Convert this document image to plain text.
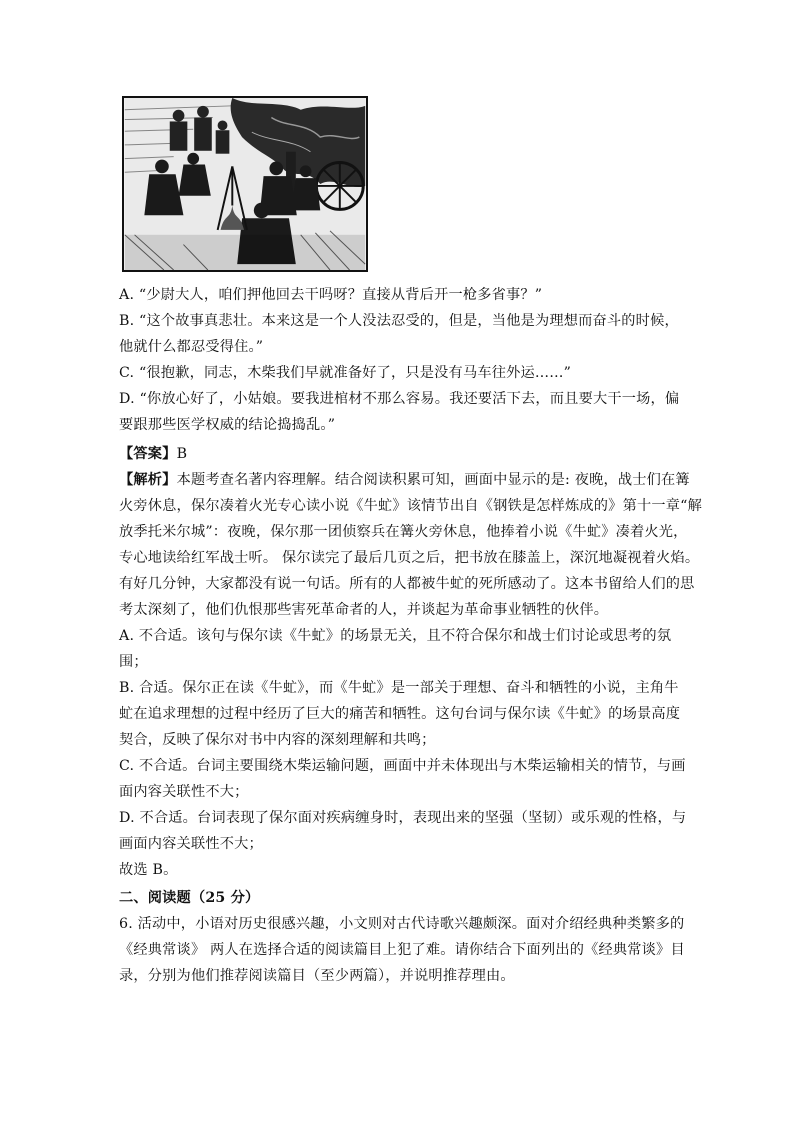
A. “少尉大人，咱们押他回去干吗呀？直接从背后开一枪多省事？”

B. “这个故事真悲壮。本来这是一个人没法忍受的，但是，当他是为理想而奋斗的时候，

他就什么都忍受得住。”

C. “很抱歉，同志，木柴我们早就准备好了，只是没有马车往外运……”

D. “你放心好了，小姑娘。要我进棺材不那么容易。我还要活下去，而且要大干一场，偏

要跟那些医学权威的结论捣捣乱。”

【答案】B

【解析】本题考查名著内容理解。结合阅读积累可知，画面中显示的是: 夜晚，战士们在篝

火旁休息，保尔凑着火光专心读小说《牛虻》该情节出自《钢铁是怎样炼成的》第十一章“解

放季托米尔城”：夜晚，保尔那一团侦察兵在篝火旁休息，他捧着小说《牛虻》凑着火光，

专心地读给红军战士听。 保尔读完了最后几页之后，把书放在膝盖上，深沉地凝视着火焰。

有好几分钟，大家都没有说一句话。所有的人都被牛虻的死所感动了。这本书留给人们的思

考太深刻了，他们仇恨那些害死革命者的人，并谈起为革命事业牺牲的伙伴。

A. 不合适。该句与保尔读《牛虻》的场景无关，且不符合保尔和战士们讨论或思考的氛

围；

B. 合适。保尔正在读《牛虻》，而《牛虻》是一部关于理想、奋斗和牺牲的小说，主角牛

虻在追求理想的过程中经历了巨大的痛苦和牺牲。这句台词与保尔读《牛虻》的场景高度

契合，反映了保尔对书中内容的深刻理解和共鸣；

C. 不合适。台词主要围绕木柴运输问题，画面中并未体现出与木柴运输相关的情节，与画

面内容关联性不大；

D. 不合适。台词表现了保尔面对疾病缠身时，表现出来的坚强（坚韧）或乐观的性格，与

画面内容关联性不大；

故选 B。

二、阅读题（25 分）

6. 活动中，小语对历史很感兴趣，小文则对古代诗歌兴趣颇深。面对介绍经典种类繁多的

《经典常谈》 两人在选择合适的阅读篇目上犯了难。请你结合下面列出的《经典常谈》目

录，分别为他们推荐阅读篇目（至少两篇），并说明推荐理由。
